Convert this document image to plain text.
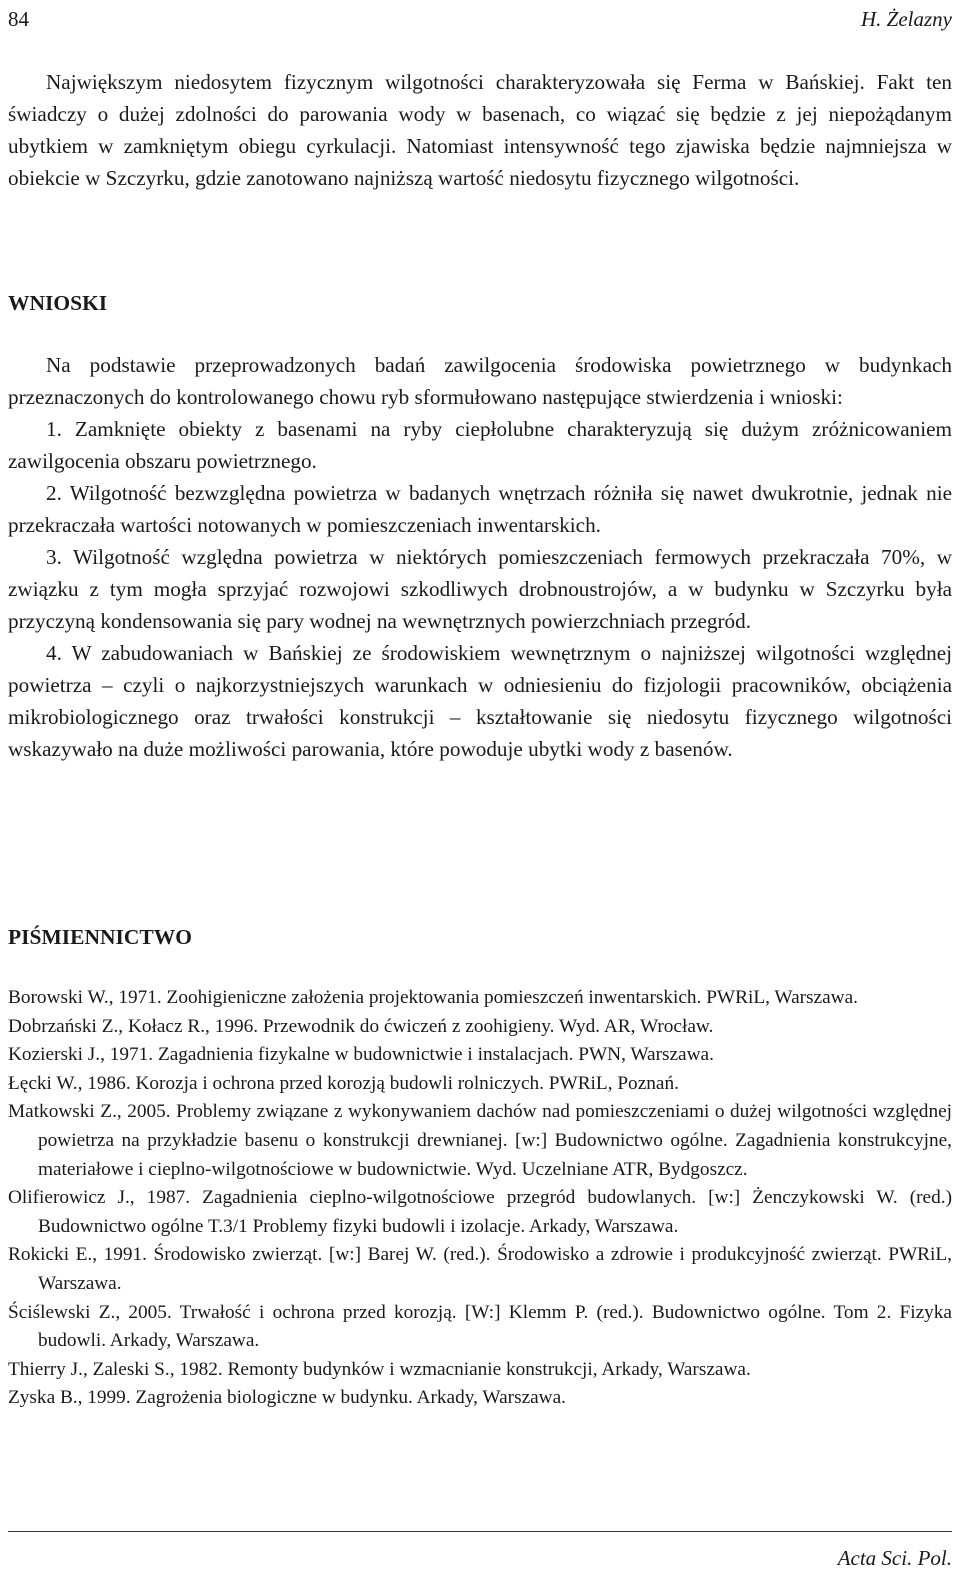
84	H. Żelazny

Największym niedosytem fizycznym wilgotności charakteryzowała się Ferma w Bańskiej. Fakt ten świadczy o dużej zdolności do parowania wody w basenach, co wiązać się będzie z jej niepożądanym ubytkiem w zamkniętym obiegu cyrkulacji. Natomiast intensywność tego zjawiska będzie najmniejsza w obiekcie w Szczyrku, gdzie zanotowano najniższą wartość niedosytu fizycznego wilgotności.

WNIOSKI

Na podstawie przeprowadzonych badań zawilgocenia środowiska powietrznego w budynkach przeznaczonych do kontrolowanego chowu ryb sformułowano następujące stwierdzenia i wnioski:

1. Zamknięte obiekty z basenami na ryby ciepłolubne charakteryzują się dużym zróżnicowaniem zawilgocenia obszaru powietrznego.

2. Wilgotność bezwzględna powietrza w badanych wnętrzach różniła się nawet dwukrotnie, jednak nie przekraczała wartości notowanych w pomieszczeniach inwentarskich.

3. Wilgotność względna powietrza w niektórych pomieszczeniach fermowych przekraczała 70%, w związku z tym mogła sprzyjać rozwojowi szkodliwych drobnoustrojów, a w budynku w Szczyrku była przyczyną kondensowania się pary wodnej na wewnętrznych powierzchniach przegród.

4. W zabudowaniach w Bańskiej ze środowiskiem wewnętrznym o najniższej wilgotności względnej powietrza – czyli o najkorzystniejszych warunkach w odniesieniu do fizjologii pracowników, obciążenia mikrobiologicznego oraz trwałości konstrukcji – kształtowanie się niedosytu fizycznego wilgotności wskazywało na duże możliwości parowania, które powoduje ubytki wody z basenów.

PIŚMIENNICTWO
Borowski W., 1971. Zoohigieniczne założenia projektowania pomieszczeń inwentarskich. PWRiL, Warszawa.
Dobrzański Z., Kołacz R., 1996. Przewodnik do ćwiczeń z zoohigieny. Wyd. AR, Wrocław.
Kozierski J., 1971. Zagadnienia fizykalne w budownictwie i instalacjach. PWN, Warszawa.
Łęcki W., 1986. Korozja i ochrona przed korozją budowli rolniczych. PWRiL, Poznań.
Matkowski Z., 2005. Problemy związane z wykonywaniem dachów nad pomieszczeniami o dużej wilgotności względnej powietrza na przykładzie basenu o konstrukcji drewnianej. [w:] Budownictwo ogólne. Zagadnienia konstrukcyjne, materiałowe i cieplno-wilgotnościowe w budownictwie. Wyd. Uczelniane ATR, Bydgoszcz.
Olifierowicz J., 1987. Zagadnienia cieplno-wilgotnościowe przegród budowlanych. [w:] Żenczykowski W. (red.) Budownictwo ogólne T.3/1 Problemy fizyki budowli i izolacje. Arkady, Warszawa.
Rokicki E., 1991. Środowisko zwierząt. [w:] Barej W. (red.). Środowisko a zdrowie i produkcyjność zwierząt. PWRiL, Warszawa.
Ściślewski Z., 2005. Trwałość i ochrona przed korozją. [W:] Klemm P. (red.). Budownictwo ogólne. Tom 2. Fizyka budowli. Arkady, Warszawa.
Thierry J., Zaleski S., 1982. Remonty budynków i wzmacnianie konstrukcji, Arkady, Warszawa.
Zyska B., 1999. Zagrożenia biologiczne w budynku. Arkady, Warszawa.
Acta Sci. Pol.
